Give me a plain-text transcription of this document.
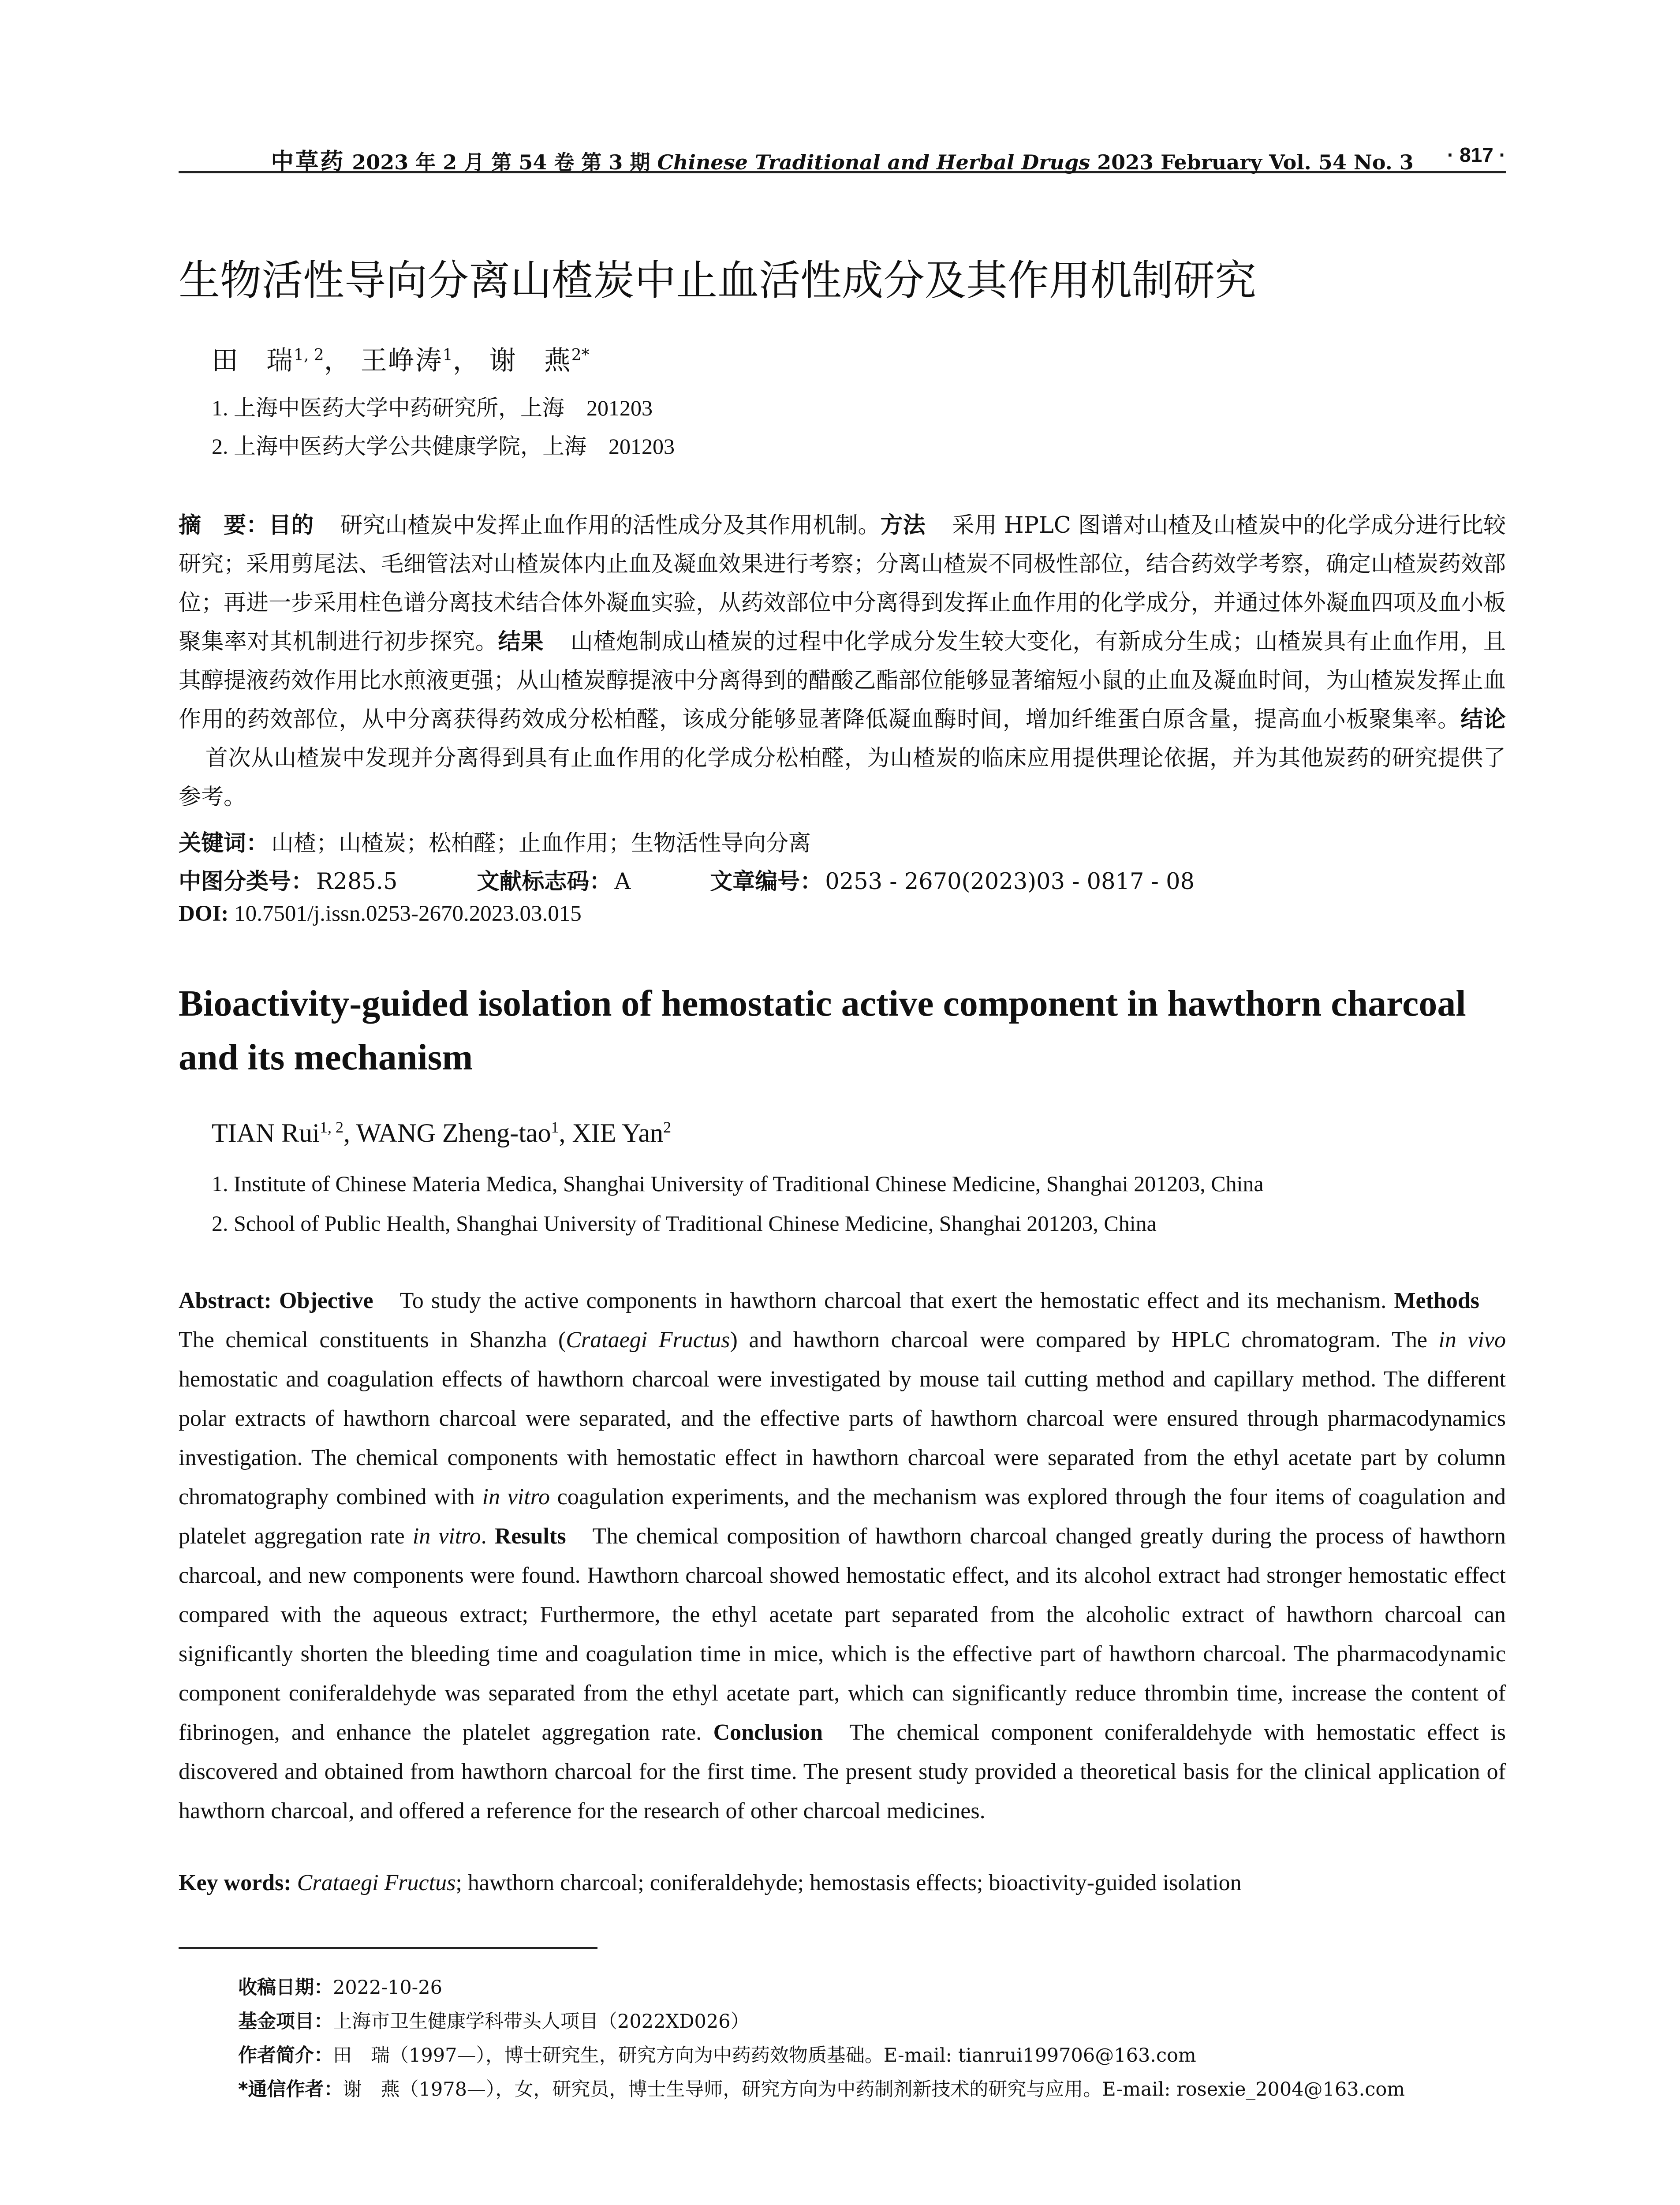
中草药 2023 年 2 月 第 54 卷 第 3 期 Chinese Traditional and Herbal Drugs 2023 February Vol. 54 No. 3	· 817 ·
生物活性导向分离山楂炭中止血活性成分及其作用机制研究
田　瑞$^{1, 2}$， 王峥涛$^1$， 谢　燕$^{2*}$
1. 上海中医药大学中药研究所，上海　201203
2. 上海中医药大学公共健康学院，上海　201203

摘　要：目的 研究山楂炭中发挥止血作用的活性成分及其作用机制。方法 采用 HPLC 图谱对山楂及山楂炭中的化学成分进行比较研究；采用剪尾法、毛细管法对山楂炭体内止血及凝血效果进行考察；分离山楂炭不同极性部位，结合药效学考察，确定山楂炭药效部位；再进一步采用柱色谱分离技术结合体外凝血实验，从药效部位中分离得到发挥止血作用的化学成分，并通过体外凝血四项及血小板聚集率对其机制进行初步探究。结果 山楂炮制成山楂炭的过程中化学成分发生较大变化，有新成分生成；山楂炭具有止血作用，且其醇提液药效作用比水煎液更强；从山楂炭醇提液中分离得到的醋酸乙酯部位能够显著缩短小鼠的止血及凝血时间，为山楂炭发挥止血作用的药效部位，从中分离获得药效成分松柏醛，该成分能够显著降低凝血酶时间，增加纤维蛋白原含量，提高血小板聚集率。结论首次从山楂炭中发现并分离得到具有止血作用的化学成分松柏醛，为山楂炭的临床应用提供理论依据，并为其他炭药的研究提供了参考。

关键词： 山楂；山楂炭；松柏醛；止血作用；生物活性导向分离
中图分类号： R285.5	文献标志码： A	文章编号： 0253 - 2670(2023)03 - 0817 - 08
DOI: 10.7501/j.issn.0253-2670.2023.03.015
Bioactivity-guided isolation of hemostatic active component in hawthorn charcoal
and its mechanism
TIAN Rui$^{1, 2}$, WANG Zheng-tao$^1$, XIE Yan$^2$
1. Institute of Chinese Materia Medica, Shanghai University of Traditional Chinese Medicine, Shanghai 201203, China
2. School of Public Health, Shanghai University of Traditional Chinese Medicine, Shanghai 201203, China

Abstract: Objective To study the active components in hawthorn charcoal that exert the hemostatic effect and its mechanism. MethodsThe chemical constituents in Shanzha (Crataegi Fructus) and hawthorn charcoal were compared by HPLC chromatogram. The in vivo hemostatic and coagulation effects of hawthorn charcoal were investigated by mouse tail cutting method and capillary method. The different polar extracts of hawthorn charcoal were separated, and the effective parts of hawthorn charcoal were ensured through pharmacodynamics investigation. The chemical components with hemostatic effect in hawthorn charcoal were separated from the ethyl acetate part by column chromatography combined with in vitro coagulation experiments, and the mechanism was explored through the four items of coagulation and platelet aggregation rate in vitro. Results The chemical composition of hawthorn charcoal changed greatly during the process of hawthorn charcoal, and new components were found. Hawthorn charcoal showed hemostatic effect, and its alcohol extract had stronger hemostatic effect compared with the aqueous extract; Furthermore, the ethyl acetate part separated from the alcoholic extract of hawthorn charcoal can significantly shorten the bleeding time and coagulation time in mice, which is the effective part of hawthorn charcoal. The pharmacodynamic component coniferaldehyde was separated from the ethyl acetate part, which can significantly reduce thrombin time, increase the content of fibrinogen, and enhance the platelet aggregation rate. Conclusion The chemical component coniferaldehyde with hemostatic effect is discovered and obtained from hawthorn charcoal for the first time. The present study provided a theoretical basis for the clinical application of hawthorn charcoal, and offered a reference for the research of other charcoal medicines.

Key words: Crataegi Fructus; hawthorn charcoal; coniferaldehyde; hemostasis effects; bioactivity-guided isolation
收稿日期：2022-10-26
基金项目：上海市卫生健康学科带头人项目（2022XD026）
作者简介：田　瑞（1997—），博士研究生，研究方向为中药药效物质基础。E-mail: tianrui199706@163.com
*通信作者：谢　燕（1978—），女，研究员，博士生导师，研究方向为中药制剂新技术的研究与应用。E-mail: rosexie_2004@163.com
